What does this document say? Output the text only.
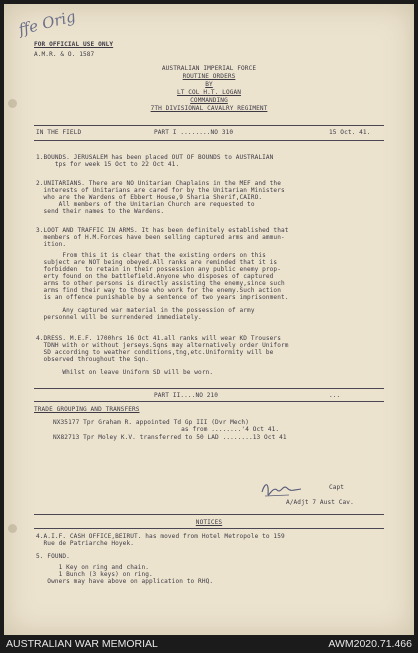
ffe Orig
FOR OFFICIAL USE ONLY
A.M.R. & O. 1587
AUSTRALIAN IMPERIAL FORCE
ROUTINE ORDERS
BY
LT COL H.T. LOGAN
COMMANDING
7TH DIVISIONAL CAVALRY REGIMENT
IN THE FIELD	PART I ........NO 310	15 Oct. 41.
1.BOUNDS. JERUSALEM has been placed OUT OF BOUNDS to AUSTRALIAN
tps for week 15 Oct to 22 Oct 41.
2.UNITARIANS. There are NO Unitarian Chaplains in the MEF and the
interests of Unitarians are cared for by the Unitarian Ministers
who are the Wardens of Ebbert House,9 Sharia Sherif,CAIRO.
All members of the Unitarian Church are requested to
send their names to the Wardens.
3.LOOT AND TRAFFIC IN ARMS. It has been definitely established that
members of H.M.Forces have been selling captured arms and ammun-
ition.
From this it is clear that the existing orders on this
subject are NOT being obeyed.All ranks are reminded that it is
forbidden  to retain in their possession any public enemy prop-
erty found on the battlefield.Anyone who disposes of captured
arms to other persons is directly assisting the enemy,since such
arms find their way to those who work for the enemy.Such action
is an offence punishable by a sentence of two years imprisonment.
Any captured war material in the possession of army
personnel will be surrendered immediately.
4.DRESS. M.E.F. 1700hrs 16 Oct 41.all ranks will wear KD Trousers
TDNH with or without jerseys.Sqns may alternatively order Uniform
SD according to weather conditions,tng,etc.Uniformity will be
observed throughout the Sqn.
Whilst on leave Uniform SD will be worn.
PART II....NO 210	...
TRADE GROUPING AND TRANSFERS
NX35177 Tpr Graham R. appointed Td Gp III (Dvr Mech)
as from ........'4 Oct 41.
NX82713 Tpr Moley K.V. transferred to 50 LAD ........13 Oct 41
Capt
A/Adjt 7 Aust Cav.
NOTICES
4.A.I.F. CASH OFFICE,BEIRUT. has moved from Hotel Metropole to 159
Rue de Patriarche Hoyek.
5. FOUND.
1 Key on ring and chain.
1 Bunch (3 keys) on ring.
Owners may have above on application to RHQ.
AUSTRALIAN WAR MEMORIAL	AWM2020.71.466
